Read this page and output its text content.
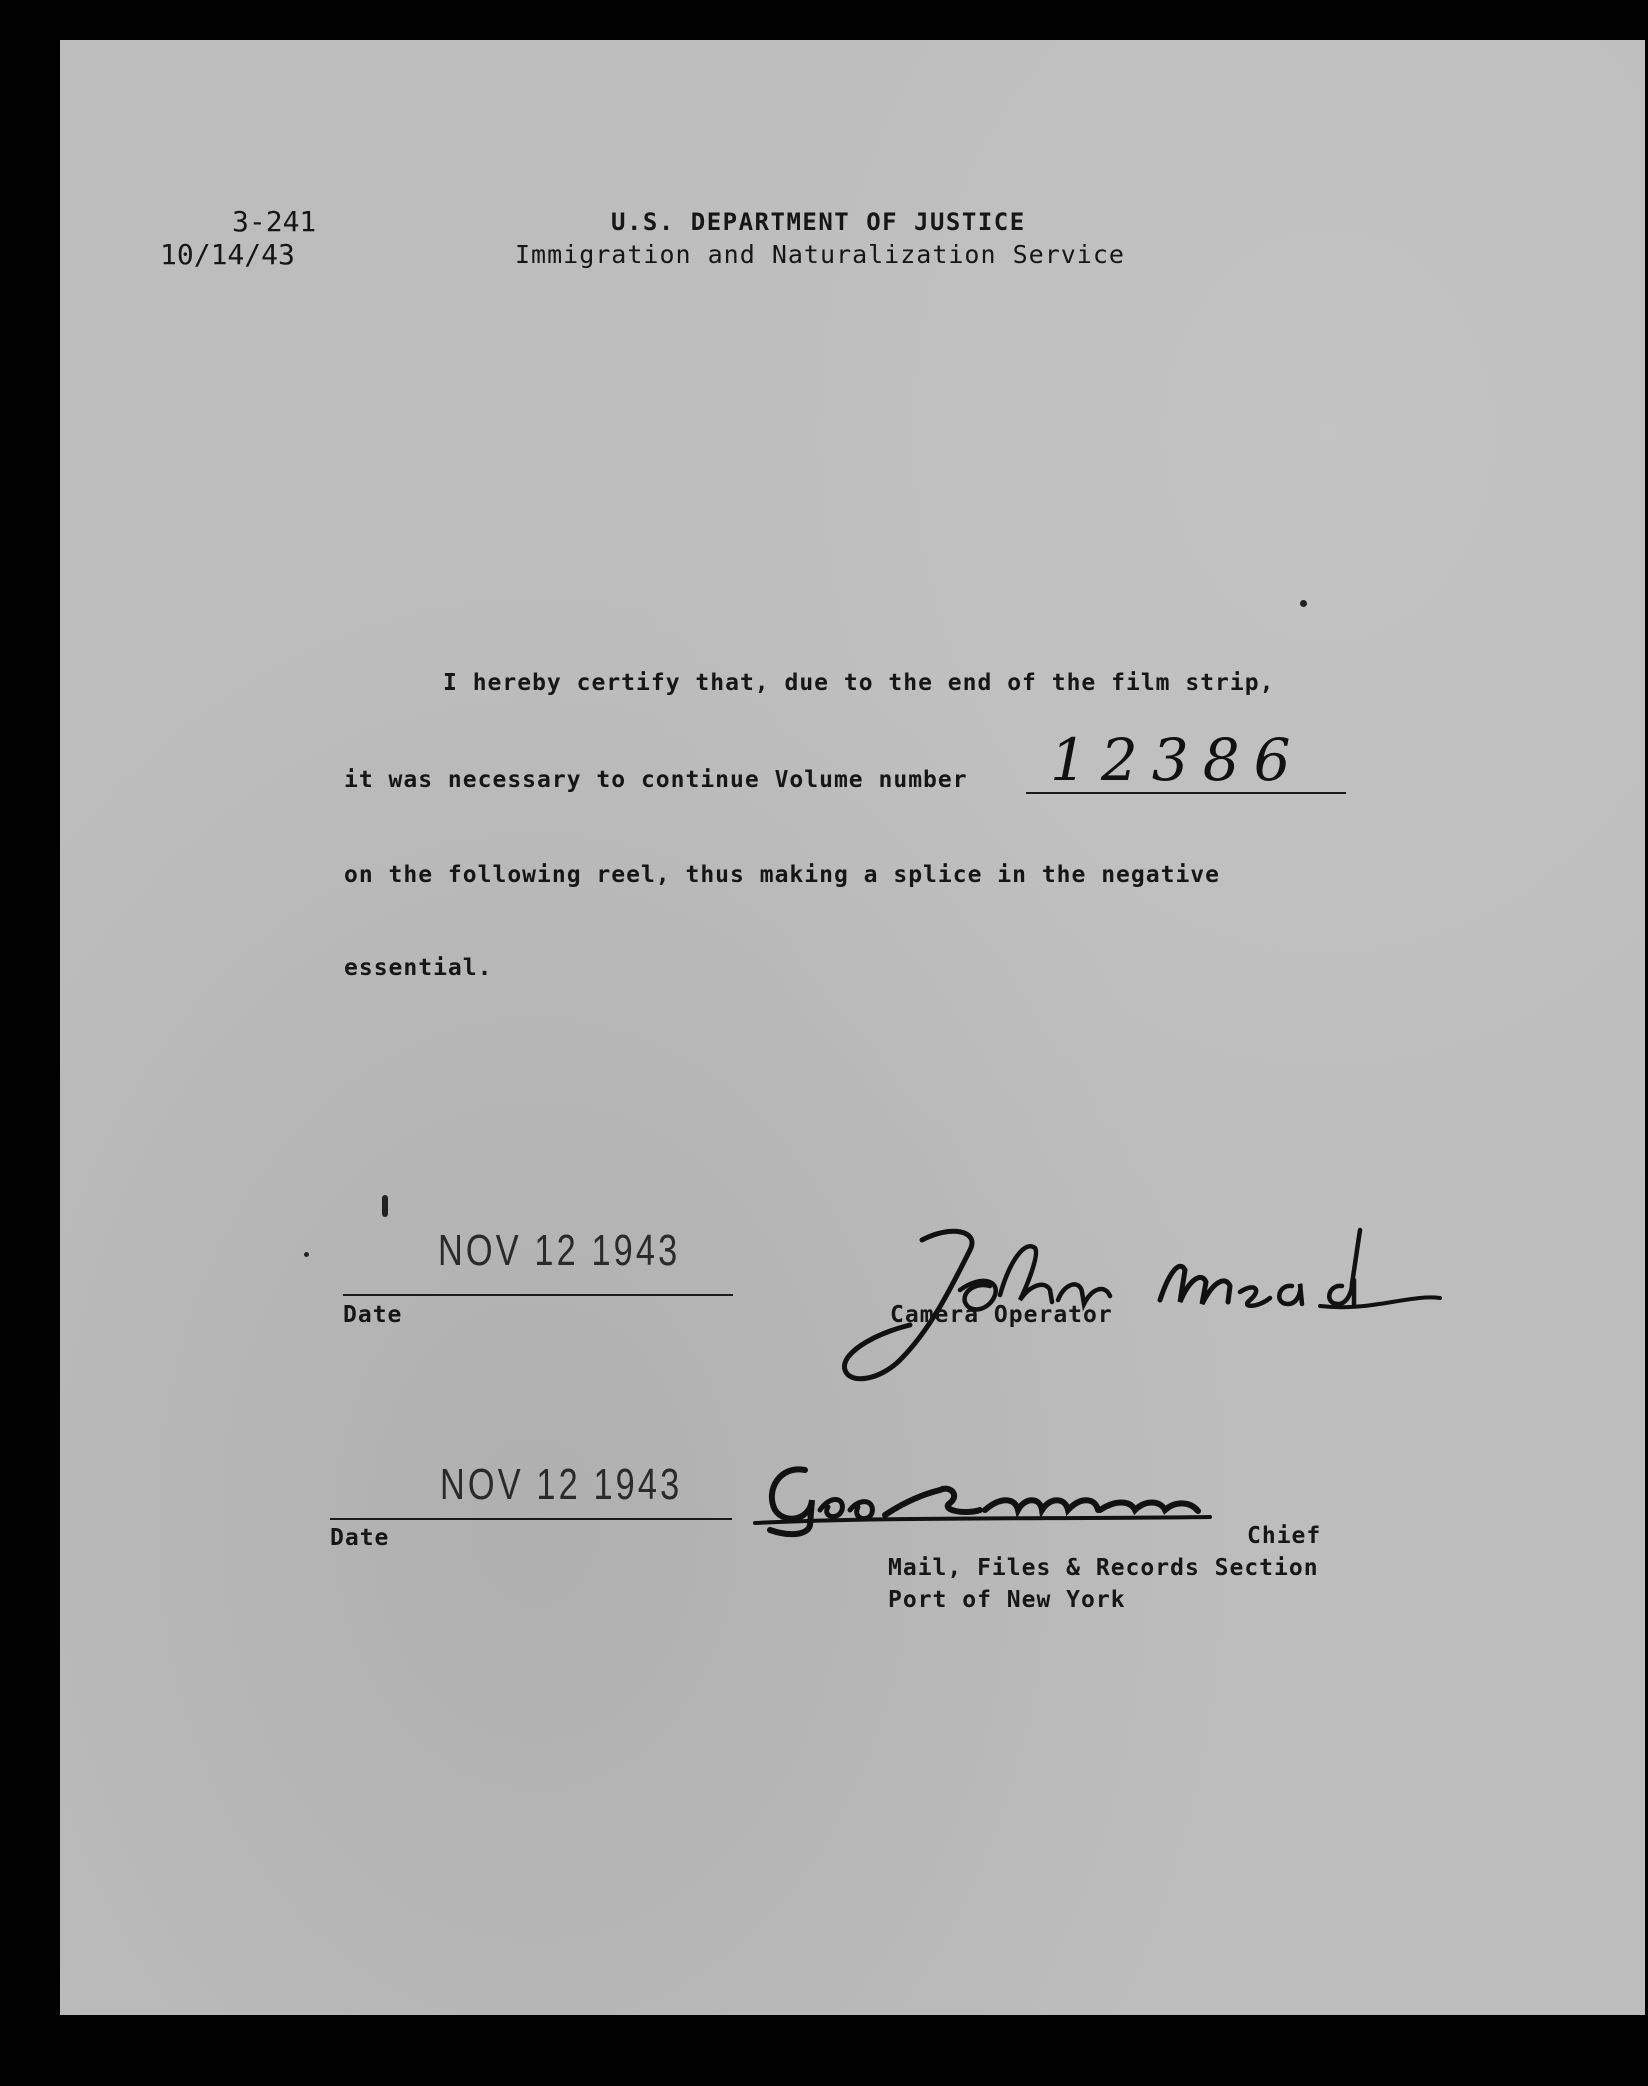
3-241
10/14/43
U.S. DEPARTMENT OF JUSTICE
Immigration and Naturalization Service
I hereby certify that, due to the end of the film strip,
it was necessary to continue Volume number 12386
on the following reel, thus making a splice in the negative
essential.
NOV 12 1943
Date	Camera Operator
NOV 12 1943
Date	Chief
Mail, Files & Records Section
Port of New York
